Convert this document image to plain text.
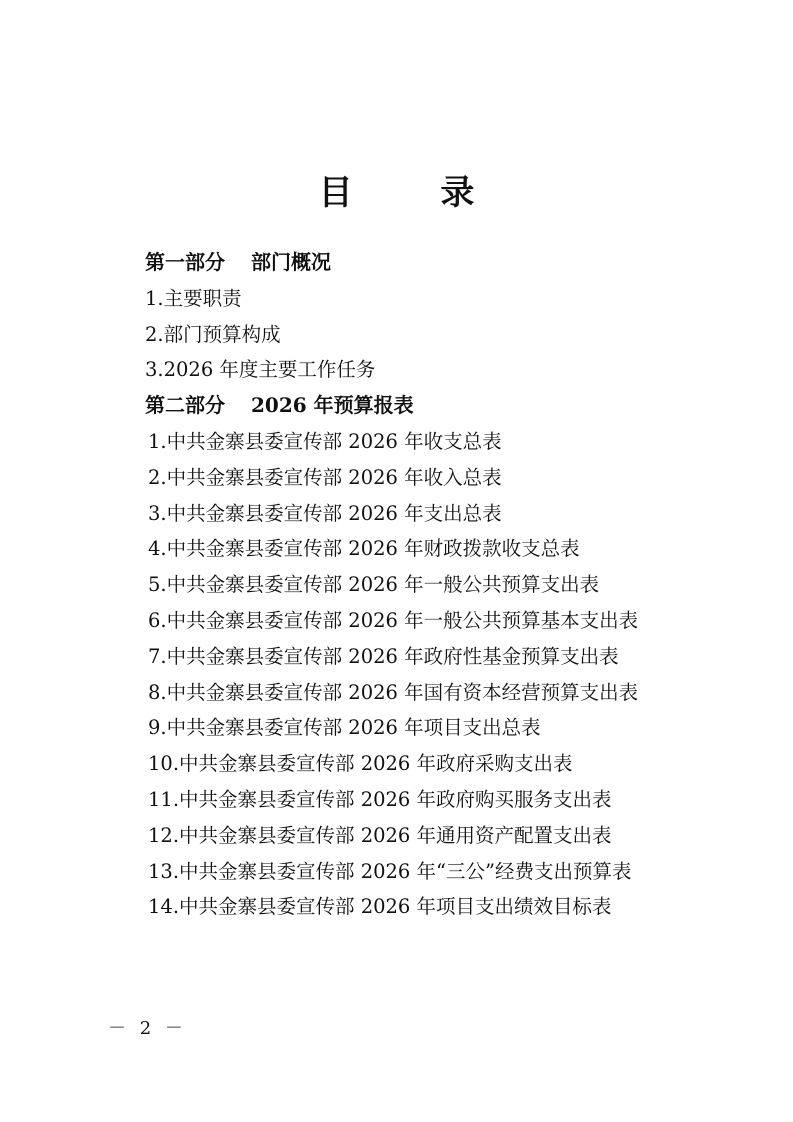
目 录
第一部分 部门概况
1.主要职责
2.部门预算构成
3.2026 年度主要工作任务
第二部分 2026 年预算报表
1.中共金寨县委宣传部 2026 年收支总表
2.中共金寨县委宣传部 2026 年收入总表
3.中共金寨县委宣传部 2026 年支出总表
4.中共金寨县委宣传部 2026 年财政拨款收支总表
5.中共金寨县委宣传部 2026 年一般公共预算支出表
6.中共金寨县委宣传部 2026 年一般公共预算基本支出表
7.中共金寨县委宣传部 2026 年政府性基金预算支出表
8.中共金寨县委宣传部 2026 年国有资本经营预算支出表
9.中共金寨县委宣传部 2026 年项目支出总表
10.中共金寨县委宣传部 2026 年政府采购支出表
11.中共金寨县委宣传部 2026 年政府购买服务支出表
12.中共金寨县委宣传部 2026 年通用资产配置支出表
13.中共金寨县委宣传部 2026 年“三公”经费支出预算表
14.中共金寨县委宣传部 2026 年项目支出绩效目标表
－ 2 －
